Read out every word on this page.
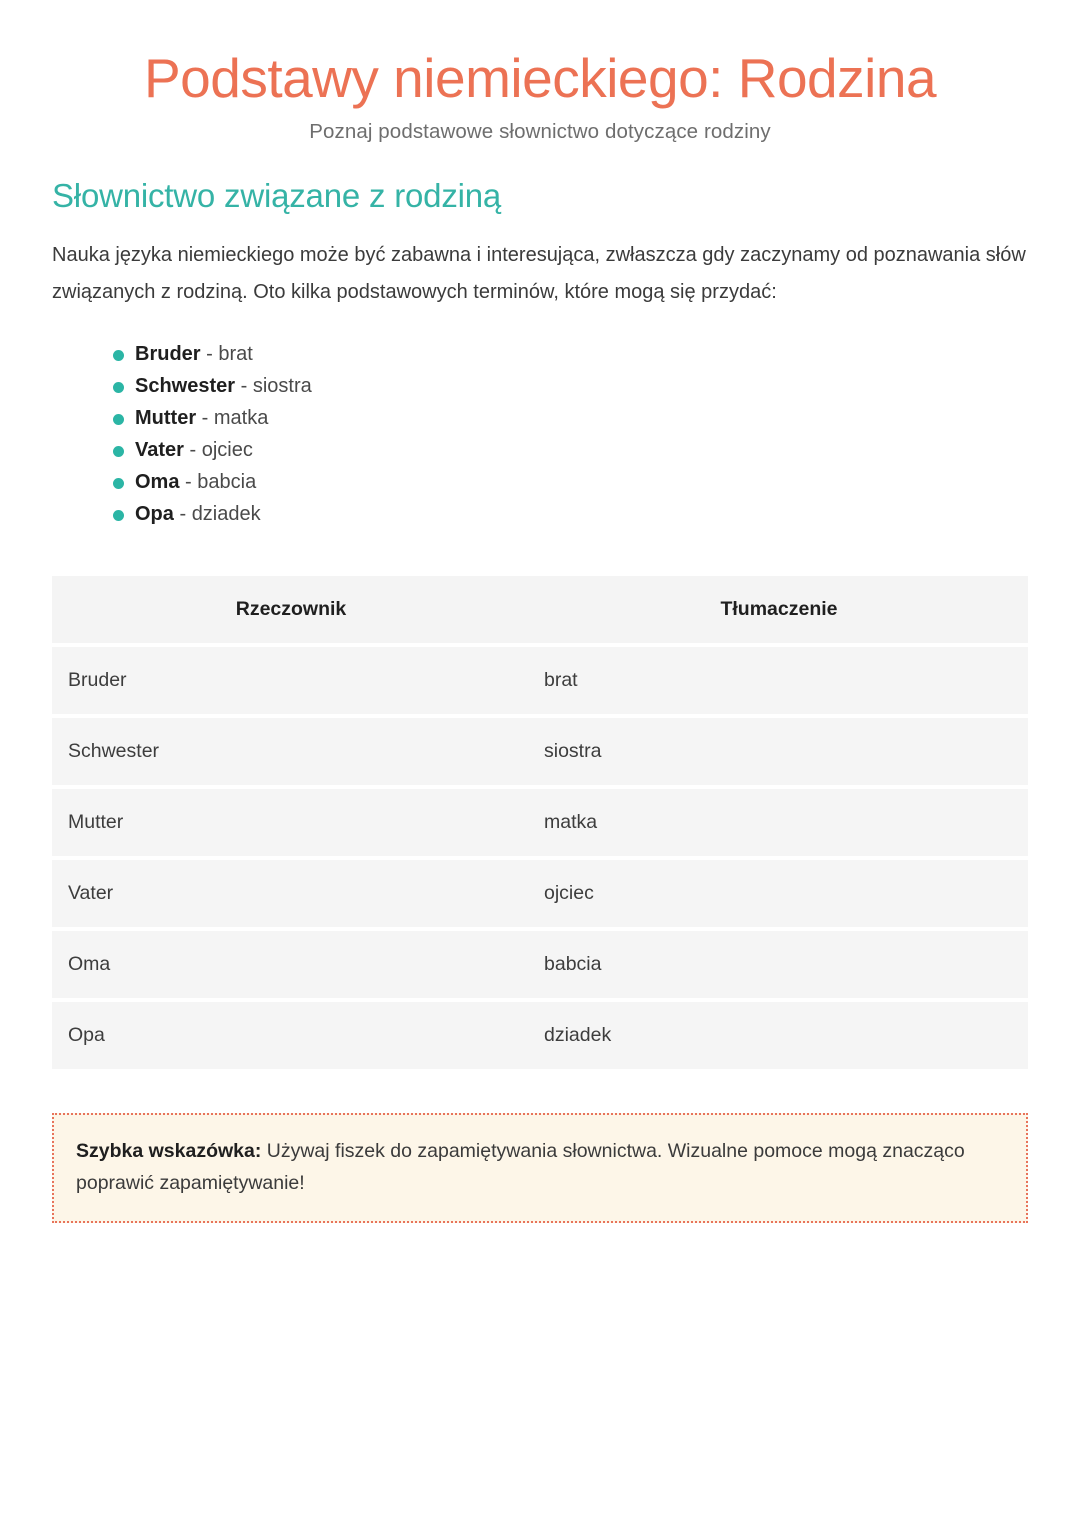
Podstawy niemieckiego: Rodzina

Poznaj podstawowe słownictwo dotyczące rodziny

Słownictwo związane z rodziną

Nauka języka niemieckiego może być zabawna i interesująca, zwłaszcza gdy zaczynamy od poznawania słów związanych z rodziną. Oto kilka podstawowych terminów, które mogą się przydać:

Bruder - brat
Schwester - siostra
Mutter - matka
Vater - ojciec
Oma - babcia
Opa - dziadek
Rzeczownik	Tłumaczenie
Bruder	brat
Schwester	siostra
Mutter	matka
Vater	ojciec
Oma	babcia
Opa	dziadek

Szybka wskazówka: Używaj fiszek do zapamiętywania słownictwa. Wizualne pomoce mogą znacząco poprawić zapamiętywanie!
